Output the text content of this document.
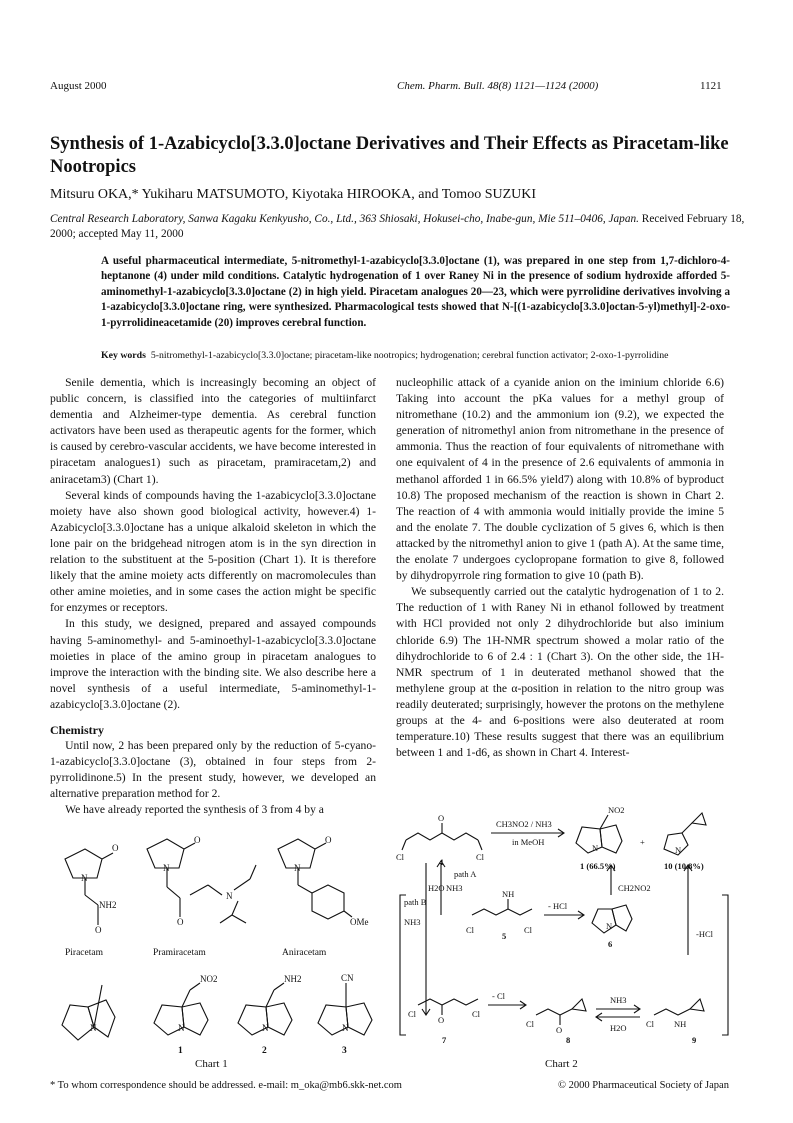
August 2000	Chem. Pharm. Bull. 48(8) 1121—1124 (2000)	1121
Synthesis of 1-Azabicyclo[3.3.0]octane Derivatives and Their Effects as Piracetam-like Nootropics
Mitsuru OKA,* Yukiharu MATSUMOTO, Kiyotaka HIROOKA, and Tomoo SUZUKI
Central Research Laboratory, Sanwa Kagaku Kenkyusho, Co., Ltd., 363 Shiosaki, Hokusei-cho, Inabe-gun, Mie 511–0406, Japan. Received February 18, 2000; accepted May 11, 2000
A useful pharmaceutical intermediate, 5-nitromethyl-1-azabicyclo[3.3.0]octane (1), was prepared in one step from 1,7-dichloro-4-heptanone (4) under mild conditions. Catalytic hydrogenation of 1 over Raney Ni in the presence of sodium hydroxide afforded 5-aminomethyl-1-azabicyclo[3.3.0]octane (2) in high yield. Piracetam analogues 20—23, which were pyrrolidine derivatives involving a 1-azabicyclo[3.3.0]octane ring, were synthesized. Pharmacological tests showed that N-[(1-azabicyclo[3.3.0]octan-5-yl)methyl]-2-oxo-1-pyrrolidineacetamide (20) improves cerebral function.
Key words 5-nitromethyl-1-azabicyclo[3.3.0]octane; piracetam-like nootropics; hydrogenation; cerebral function activator; 2-oxo-1-pyrrolidine

Senile dementia, which is increasingly becoming an object of public concern, is classified into the categories of multiinfarct dementia and Alzheimer-type dementia. As cerebral function activators have been used as therapeutic agents for the former, which is caused by cerebro-vascular accidents, we have become interested in piracetam analogues1) such as piracetam, pramiracetam,2) and aniracetam3) (Chart 1).

Several kinds of compounds having the 1-azabicyclo[3.3.0]octane moiety have also shown good biological activity, however.4) 1-Azabicyclo[3.3.0]octane has a unique alkaloid skeleton in which the lone pair on the bridgehead nitrogen atom is in the syn direction in relation to the substituent at the 5-position (Chart 1). It is therefore likely that the amine moiety acts differently on macromolecules than other amine moieties, and in some cases the action might be specific for enzymes or receptors.

In this study, we designed, prepared and assayed compounds having 5-aminomethyl- and 5-aminoethyl-1-azabicyclo[3.3.0]octane moieties in place of the amino group in piracetam analogues to improve the interaction with the binding site. We also describe here a novel synthesis of a useful intermediate, 5-aminomethyl-1-azabicyclo[3.3.0]octane (2).

Chemistry

Until now, 2 has been prepared only by the reduction of 5-cyano-1-azabicyclo[3.3.0]octane (3), obtained in four steps from 2-pyrrolidinone.5) In the present study, however, we developed an alternative preparation method for 2.

We have already reported the synthesis of 3 from 4 by a

nucleophilic attack of a cyanide anion on the iminium chloride 6.6) Taking into account the pKa values for a methyl group of nitromethane (10.2) and the ammonium ion (9.2), we expected the generation of nitromethyl anion from nitromethane in the presence of ammonia. Thus the reaction of four equivalents of nitromethane with one equivalent of 4 in the presence of 2.6 equivalents of ammonia in methanol afforded 1 in 66.5% yield7) along with 10.8% of byproduct 10.8) The proposed mechanism of the reaction is shown in Chart 2. The reaction of 4 with ammonia would initially provide the imine 5 and the enolate 7. The double cyclization of 5 gives 6, which is then attacked by the nitromethyl anion to give 1 (path A). At the same time, the enolate 7 undergoes cyclopropane formation to give 8, followed by dihydropyrrole ring formation to give 10 (path B).

We subsequently carried out the catalytic hydrogenation of 1 to 2. The reduction of 1 with Raney Ni in ethanol followed by treatment with HCl provided not only 2 dihydrochloride but also iminium chloride 6.9) The 1H-NMR spectrum showed a molar ratio of the dihydrochloride to 6 of 2.4 : 1 (Chart 3). On the other side, the 1H-NMR spectrum of 1 in deuterated methanol showed that the methylene group at the α-position in relation to the nitro group was readily deuterated; surprisingly, however the protons on the methylene groups at the 4- and 6-positions were also deuterated at room temperature.10) These results suggest that there was an equilibrium between 1 and 1-d6, as shown in Chart 4. Interest-

O
N
NH2
O
O
N
O
N
O
N
OMe
NO2	NH2	CN
N	N	N
N
Piracetam	Pramiracetam	Aniracetam
1	2	3
Chart 1
CH3NO2 / NH3
in MeOH
O
Cl	Cl
4
NO2
N
+
N
1 (66.5%)	10 (10.8%)
path A
NH3
H2O
path B
NH3
NH
Cl	Cl
5
- HCl
CH2NO2
N
6
-HCl
O
Cl	Cl
7
- Cl
O
Cl
8
NH3
H2O	NH
Cl
9
Chart 2
* To whom correspondence should be addressed. e-mail: m_oka@mb6.skk-net.com	© 2000 Pharmaceutical Society of Japan
